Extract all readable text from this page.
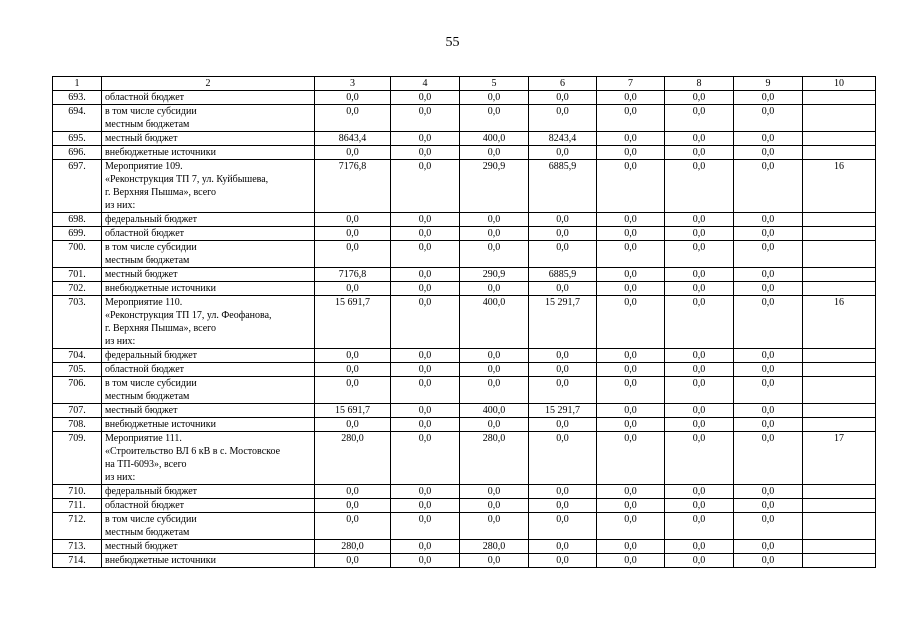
55
1	2	3	4	5	6	7	8	9	10
693.	областной бюджет	0,0	0,0	0,0	0,0	0,0	0,0	0,0	
694.	в том числе субсидии
местным бюджетам	0,0	0,0	0,0	0,0	0,0	0,0	0,0	
695.	местный бюджет	8643,4	0,0	400,0	8243,4	0,0	0,0	0,0	
696.	внебюджетные источники	0,0	0,0	0,0	0,0	0,0	0,0	0,0	
697.	Мероприятие 109.
«Реконструкция ТП 7, ул. Куйбышева,
г. Верхняя Пышма», всего
из них:	7176,8	0,0	290,9	6885,9	0,0	0,0	0,0	16
698.	федеральный бюджет	0,0	0,0	0,0	0,0	0,0	0,0	0,0	
699.	областной бюджет	0,0	0,0	0,0	0,0	0,0	0,0	0,0	
700.	в том числе субсидии
местным бюджетам	0,0	0,0	0,0	0,0	0,0	0,0	0,0	
701.	местный бюджет	7176,8	0,0	290,9	6885,9	0,0	0,0	0,0	
702.	внебюджетные источники	0,0	0,0	0,0	0,0	0,0	0,0	0,0	
703.	Мероприятие 110.
«Реконструкция ТП 17, ул. Феофанова,
г. Верхняя Пышма», всего
из них:	15 691,7	0,0	400,0	15 291,7	0,0	0,0	0,0	16
704.	федеральный бюджет	0,0	0,0	0,0	0,0	0,0	0,0	0,0	
705.	областной бюджет	0,0	0,0	0,0	0,0	0,0	0,0	0,0	
706.	в том числе субсидии
местным бюджетам	0,0	0,0	0,0	0,0	0,0	0,0	0,0	
707.	местный бюджет	15 691,7	0,0	400,0	15 291,7	0,0	0,0	0,0	
708.	внебюджетные источники	0,0	0,0	0,0	0,0	0,0	0,0	0,0	
709.	Мероприятие 111.
«Строительство ВЛ 6 кВ в с. Мостовское
на ТП-6093», всего
из них:	280,0	0,0	280,0	0,0	0,0	0,0	0,0	17
710.	федеральный бюджет	0,0	0,0	0,0	0,0	0,0	0,0	0,0	
711.	областной бюджет	0,0	0,0	0,0	0,0	0,0	0,0	0,0	
712.	в том числе субсидии
местным бюджетам	0,0	0,0	0,0	0,0	0,0	0,0	0,0	
713.	местный бюджет	280,0	0,0	280,0	0,0	0,0	0,0	0,0	
714.	внебюджетные источники	0,0	0,0	0,0	0,0	0,0	0,0	0,0	
